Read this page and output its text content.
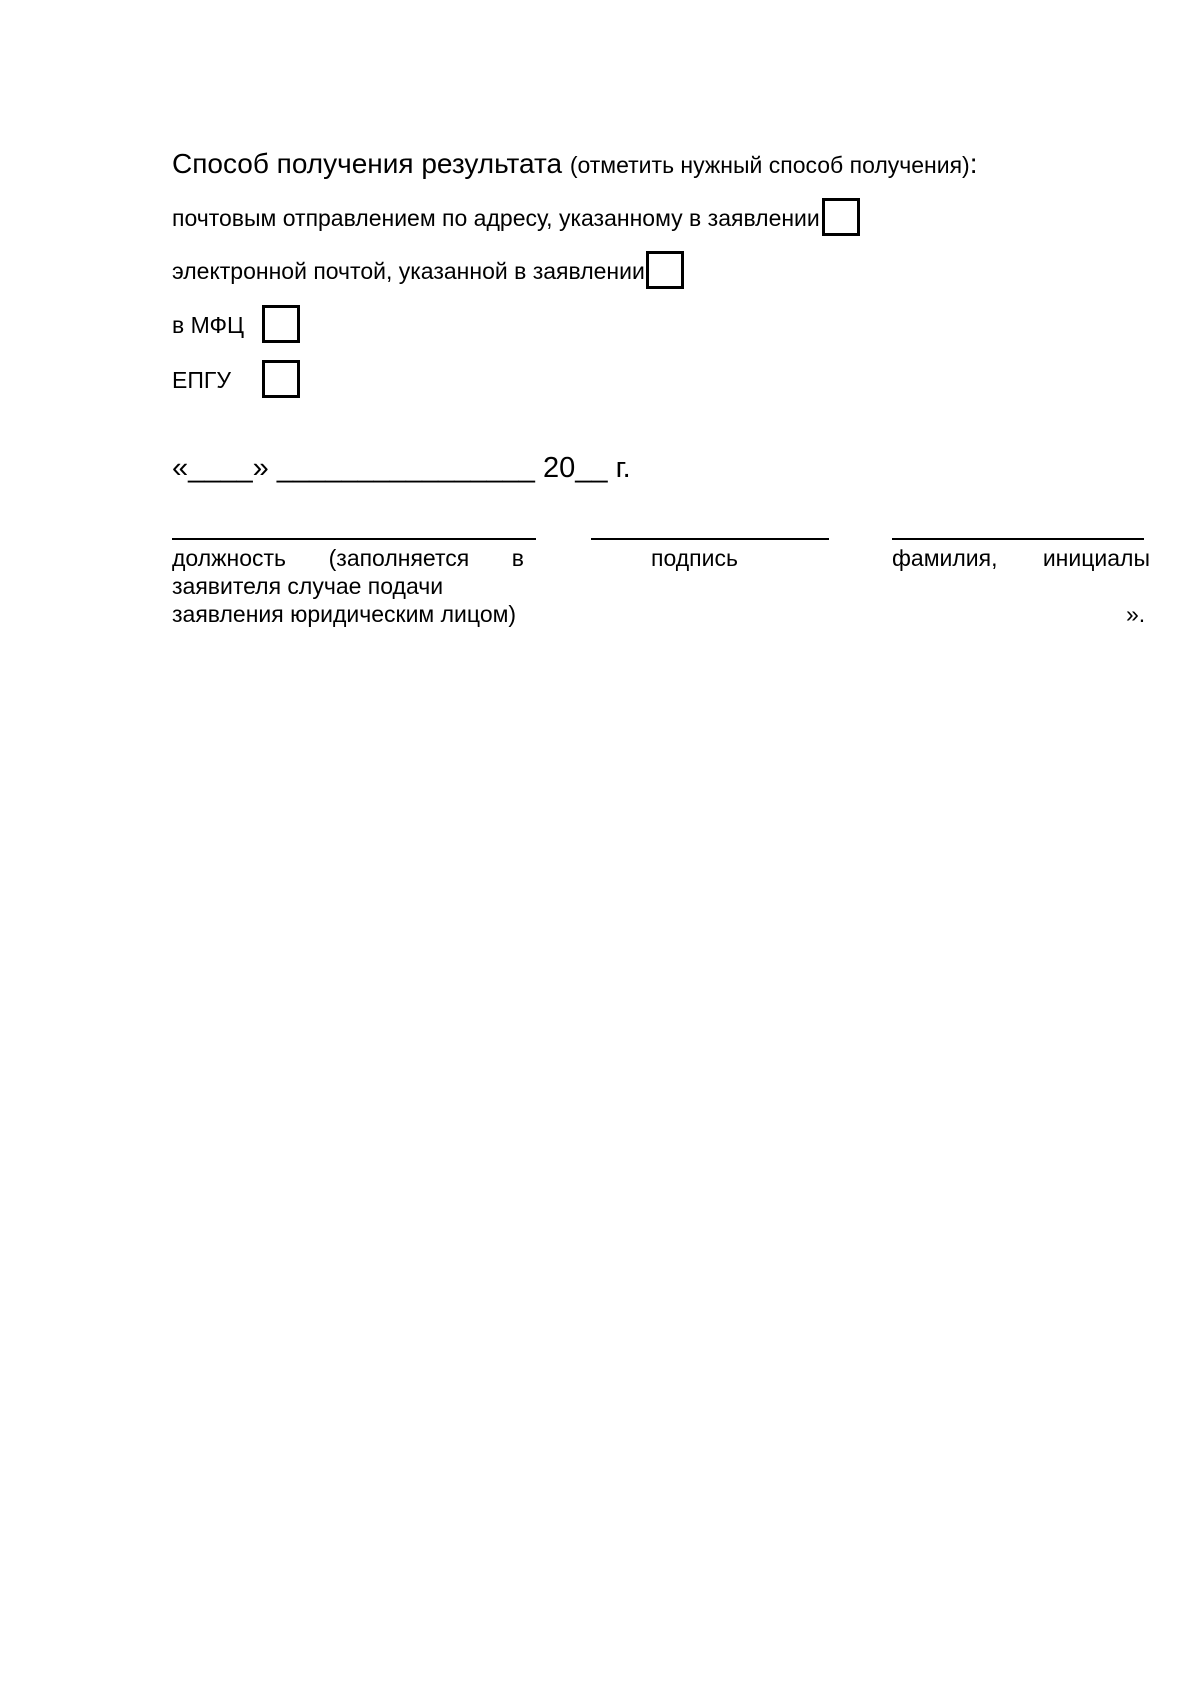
Способ получения результата (отметить нужный способ получения):
почтовым отправлением по адресу, указанному в заявлении
электронной почтой, указанной в заявлении
в МФЦ
ЕПГУ
«____» ________________ 20__ г.
должность (заполняется в
заявителя случае подачи
заявления юридическим лицом)
подпись	фамилия, инициалы
».
